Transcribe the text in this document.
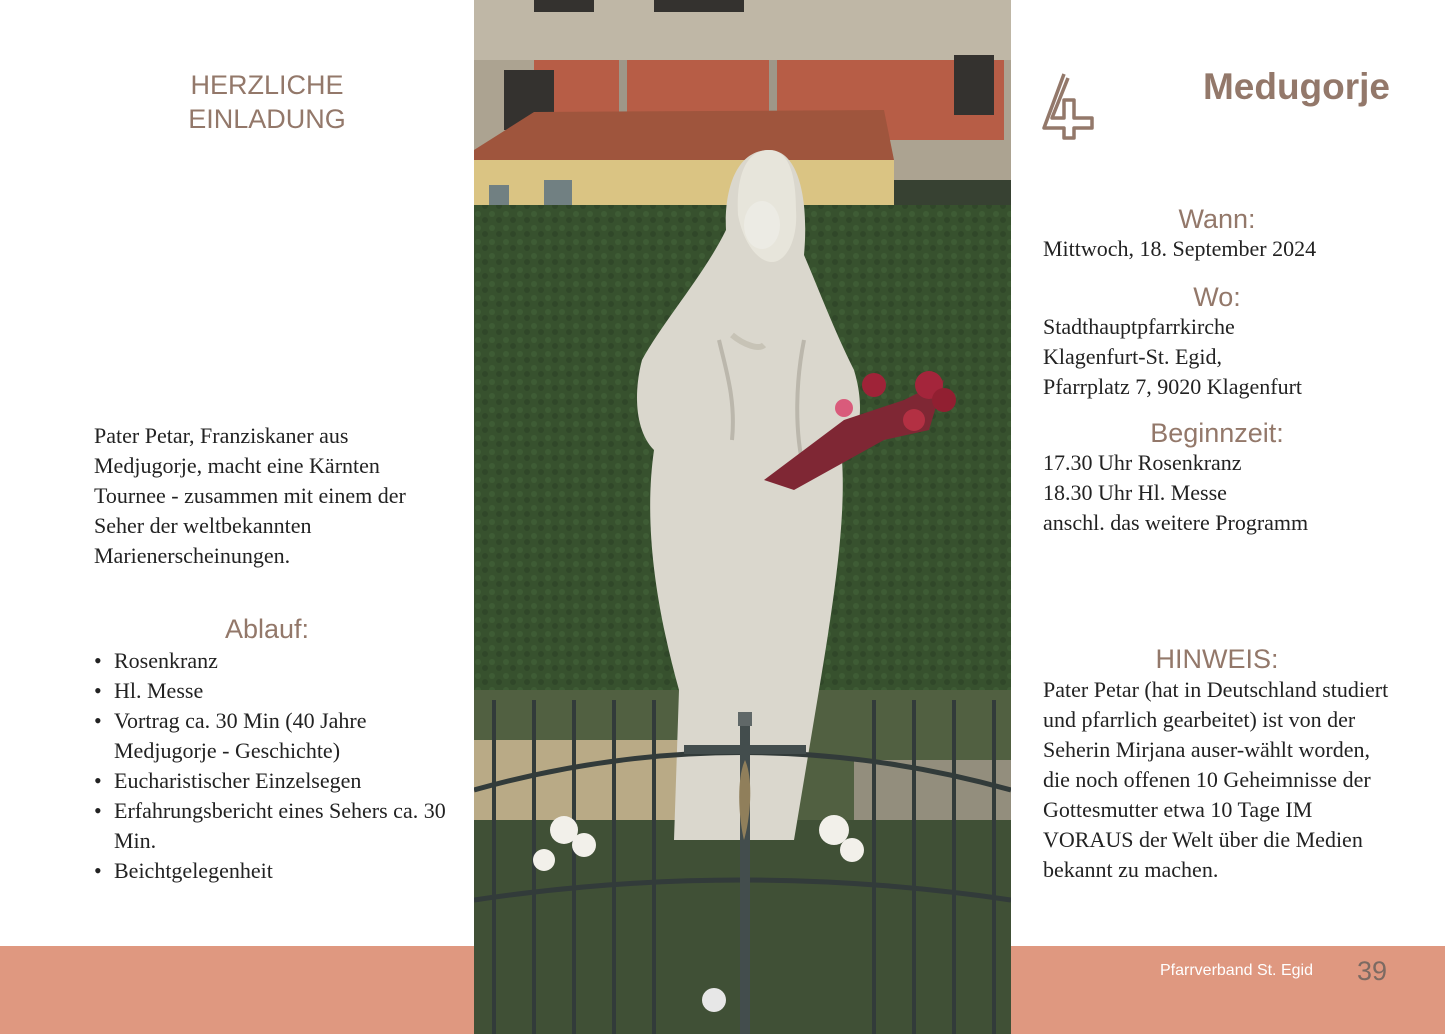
HERZLICHE
EINLADUNG

Pater Petar, Franziskaner aus Medjugorje, macht eine Kärnten Tournee - zusammen mit einem der Seher der weltbekannten Marienerscheinungen.

Ablauf:
• Rosenkranz
• Hl. Messe
• Vortrag ca. 30 Min (40 Jahre Medjugorje - Geschichte)
• Eucharistischer Einzelsegen
• Erfahrungsbericht eines Sehers ca. 30 Min.
• Beichtgelegenheit
Medugorje
Wann:

Mittwoch, 18. September 2024

Wo:

Stadthauptpfarrkirche
Klagenfurt-St. Egid,
Pfarrplatz 7, 9020 Klagenfurt

Beginnzeit:

17.30 Uhr Rosenkranz
18.30 Uhr Hl. Messe
anschl. das weitere Programm

HINWEIS:

Pater Petar (hat in Deutschland studiert und pfarrlich gearbeitet) ist von der Seherin Mirjana auser-wählt worden, die noch offenen 10 Geheimnisse der Gottesmutter etwa 10 Tage IM VORAUS der Welt über die Medien bekannt zu machen.

Pfarrverband St. Egid 39
